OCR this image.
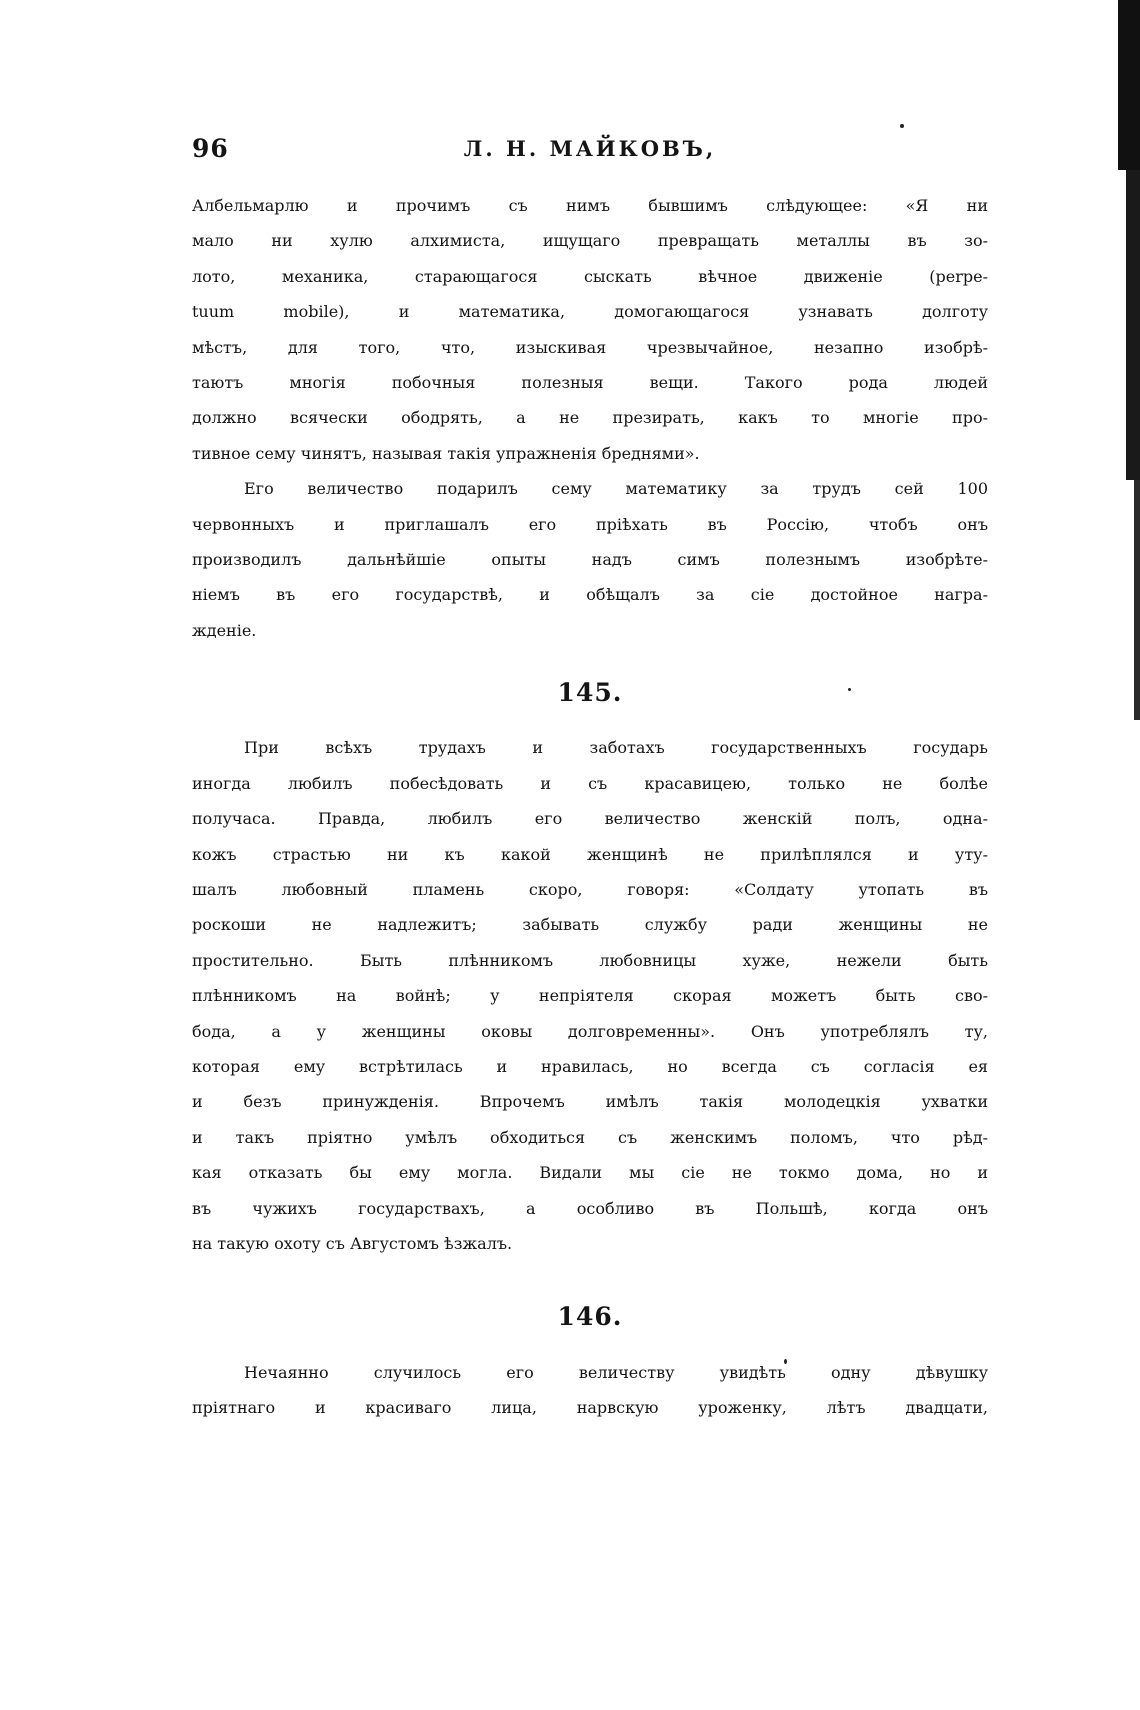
96	Л. Н. МАЙКОВЪ,
Албельмарлю и прочимъ съ нимъ бывшимъ слѣдующее: «Я ни
мало ни хулю алхимиста, ищущаго превращать металлы въ зо-
лото, механика, старающагося сыскать вѣчное движеніе (perpe-
tuum mobile), и математика, домогающагося узнавать долготу
мѣстъ, для того, что, изыскивая чрезвычайное, незапно изобрѣ-
таютъ многія побочныя полезныя вещи. Такого рода людей
должно всячески ободрять, а не презирать, какъ то многіе про-
тивное сему чинятъ, называя такія упражненія бреднями».
Его величество подарилъ сему математику за трудъ сей 100
червонныхъ и приглашалъ его пріѣхать въ Россію, чтобъ онъ
производилъ дальнѣйшіе опыты надъ симъ полезнымъ изобрѣте-
ніемъ въ его государствѣ, и обѣщалъ за сіе достойное награ-
жденіе.
145.
При всѣхъ трудахъ и заботахъ государственныхъ государь
иногда любилъ побесѣдовать и съ красавицею, только не болѣе
получаса. Правда, любилъ его величество женскій полъ, одна-
кожъ страстью ни къ какой женщинѣ не прилѣплялся и уту-
шалъ любовный пламень скоро, говоря: «Солдату утопать въ
роскоши не надлежитъ; забывать службу ради женщины не
простительно. Быть плѣнникомъ любовницы хуже, нежели быть
плѣнникомъ на войнѣ; у непріятеля скорая можетъ быть сво-
бода, а у женщины оковы долговременны». Онъ употреблялъ ту,
которая ему встрѣтилась и нравилась, но всегда съ согласія ея
и безъ принужденія. Впрочемъ имѣлъ такія молодецкія ухватки
и такъ пріятно умѣлъ обходиться съ женскимъ поломъ, что рѣд-
кая отказать бы ему могла. Видали мы сіе не токмо дома, но и
въ чужихъ государствахъ, а особливо въ Польшѣ, когда онъ
на такую охоту съ Августомъ ѣзжалъ.
146.
Нечаянно случилось его величеству увидѣть одну дѣвушку
пріятнаго и красиваго лица, нарвскую уроженку, лѣтъ двадцати,
